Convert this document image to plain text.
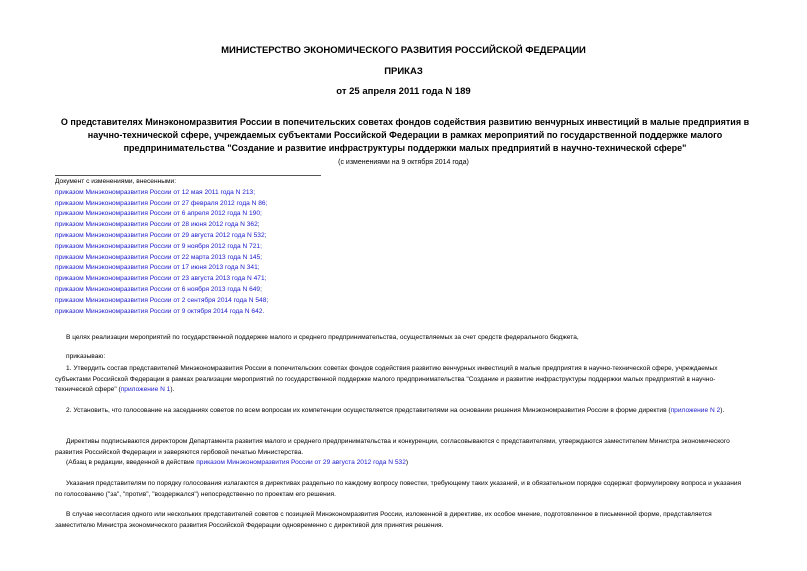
МИНИСТЕРСТВО ЭКОНОМИЧЕСКОГО РАЗВИТИЯ РОССИЙСКОЙ ФЕДЕРАЦИИ
ПРИКАЗ
от 25 апреля 2011 года N 189
О представителях Минэкономразвития России в попечительских советах фондов содействия развитию венчурных инвестиций в малые предприятия в научно-технической сфере, учреждаемых субъектами Российской Федерации в рамках мероприятий по государственной поддержке малого предпринимательства "Создание и развитие инфраструктуры поддержки малых предприятий в научно-технической сфере"
(с изменениями на 9 октября 2014 года)
Документ с изменениями, внесенными:
приказом Минэкономразвития России от 12 мая 2011 года N 213;
приказом Минэкономразвития России от 27 февраля 2012 года N 86;
приказом Минэкономразвития России от 6 апреля 2012 года N 190;
приказом Минэкономразвития России от 28 июня 2012 года N 362;
приказом Минэкономразвития России от 29 августа 2012 года N 532;
приказом Минэкономразвития России от 9 ноября 2012 года N 721;
приказом Минэкономразвития России от 22 марта 2013 года N 145;
приказом Минэкономразвития России от 17 июня 2013 года N 341;
приказом Минэкономразвития России от 23 августа 2013 года N 471;
приказом Минэкономразвития России от 6 ноября 2013 года N 649;
приказом Минэкономразвития России от 2 сентября 2014 года N 548;
приказом Минэкономразвития России от 9 октября 2014 года N 642.
В целях реализации мероприятий по государственной поддержке малого и среднего предпринимательства, осуществляемых за счет средств федерального бюджета,
приказываю:
1. Утвердить состав представителей Минэкономразвития России в попечительских советах фондов содействия развитию венчурных инвестиций в малые предприятия в научно-технической сфере, учреждаемых субъектами Российской Федерации в рамках реализации мероприятий по государственной поддержке малого предпринимательства "Создание и развитие инфраструктуры поддержки малых предприятий в научно-технической сфере" (приложение N 1).
2. Установить, что голосование на заседаниях советов по всем вопросам их компетенции осуществляется представителями на основании решения Минэкономразвития России в форме директив (приложение N 2).
Директивы подписываются директором Департамента развития малого и среднего предпринимательства и конкуренции, согласовываются с представителями, утверждаются заместителем Министра экономического развития Российской Федерации и заверяются гербовой печатью Министерства.
(Абзац в редакции, введенной в действие приказом Минэкономразвития России от 29 августа 2012 года N 532)
Указания представителям по порядку голосования излагаются в директивах раздельно по каждому вопросу повестки, требующему таких указаний, и в обязательном порядке содержат формулировку вопроса и указания по голосованию ("за", "против", "воздержался") непосредственно по проектам его решения.
В случае несогласия одного или нескольких представителей советов с позицией Минэкономразвития России, изложенной в директиве, их особое мнение, подготовленное в письменной форме, представляется заместителю Министра экономического развития Российской Федерации одновременно с директивой для принятия решения.
